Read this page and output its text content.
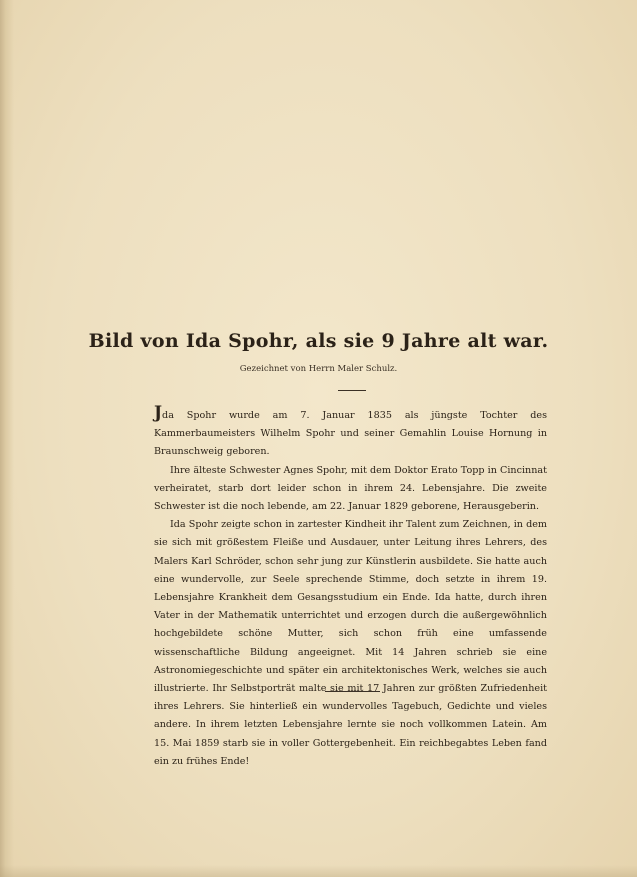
Bild von Ida Spohr, als sie 9 Jahre alt war.
Gezeichnet von Herrn Maler Schulz.

Jda Spohr wurde am 7. Januar 1835 als jüngste Tochter des Kammerbaumeisters Wilhelm Spohr und seiner Gemahlin Louise Hornung in Braunschweig geboren.

Ihre älteste Schwester Agnes Spohr, mit dem Doktor Erato Topp in Cincinnat verheiratet, starb dort leider schon in ihrem 24. Lebensjahre. Die zweite Schwester ist die noch lebende, am 22. Januar 1829 geborene, Herausgeberin.

Ida Spohr zeigte schon in zartester Kindheit ihr Talent zum Zeichnen, in dem sie sich mit größestem Fleiße und Ausdauer, unter Leitung ihres Lehrers, des Malers Karl Schröder, schon sehr jung zur Künstlerin ausbildete. Sie hatte auch eine wundervolle, zur Seele sprechende Stimme, doch setzte in ihrem 19. Lebensjahre Krankheit dem Gesangsstudium ein Ende. Ida hatte, durch ihren Vater in der Mathematik unterrichtet und erzogen durch die außergewöhnlich hochgebildete schöne Mutter, sich schon früh eine umfassende wissenschaftliche Bildung angeeignet. Mit 14 Jahren schrieb sie eine Astronomiegeschichte und später ein architektonisches Werk, welches sie auch illustrierte. Ihr Selbstporträt malte sie mit 17 Jahren zur größten Zufriedenheit ihres Lehrers. Sie hinterließ ein wundervolles Tagebuch, Gedichte und vieles andere. In ihrem letzten Lebensjahre lernte sie noch vollkommen Latein. Am 15. Mai 1859 starb sie in voller Gottergebenheit. Ein reichbegabtes Leben fand ein zu frühes Ende!
